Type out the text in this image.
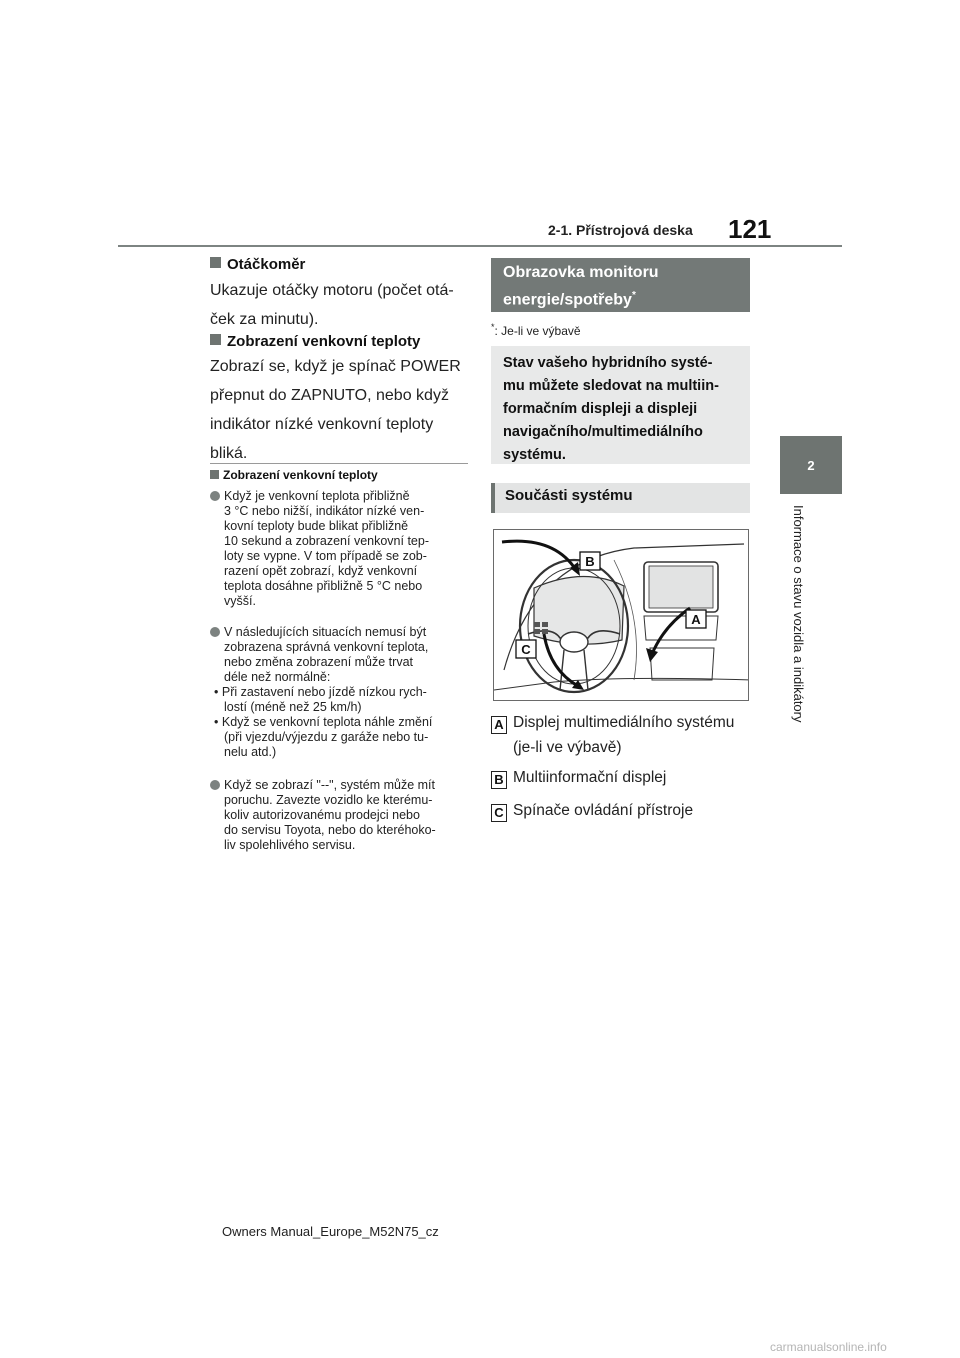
2-1. Přístrojová deska 121
2
Informace o stavu vozidla a indikátory
Otáčkoměr
Ukazuje otáčky motoru (počet otá-
ček za minutu).
Zobrazení venkovní teploty
Zobrazí se, když je spínač POWER
přepnut do ZAPNUTO, nebo když
indikátor nízké venkovní teploty
bliká.
Zobrazení venkovní teploty
Když je venkovní teplota přibližně
3 °C nebo nižší, indikátor nízké ven-
kovní teploty bude blikat přibližně
10 sekund a zobrazení venkovní tep-
loty se vypne. V tom případě se zob-
razení opět zobrazí, když venkovní
teplota dosáhne přibližně 5 °C nebo
vyšší.
V následujících situacích nemusí být
zobrazena správná venkovní teplota,
nebo změna zobrazení může trvat
déle než normálně:
• Při zastavení nebo jízdě nízkou rych-
lostí (méně než 25 km/h)
• Když se venkovní teplota náhle změní
(při vjezdu/výjezdu z garáže nebo tu-
nelu atd.)
Když se zobrazí "--", systém může mít
poruchu. Zavezte vozidlo ke kterému-
koliv autorizovanému prodejci nebo
do servisu Toyota, nebo do kteréhoko-
liv spolehlivého servisu.
Obrazovka monitoru
energie/spotřeby*
*: Je-li ve výbavě
Stav vašeho hybridního systé-
mu můžete sledovat na multiin-
formačním displeji a displeji
navigačního/multimediálního
systému.
Součásti systému
B
A
C
A Displej multimediálního systému
(je-li ve výbavě)
B Multiinformační displej
C Spínače ovládání přístroje
Owners Manual_Europe_M52N75_cz
carmanualsonline.info
